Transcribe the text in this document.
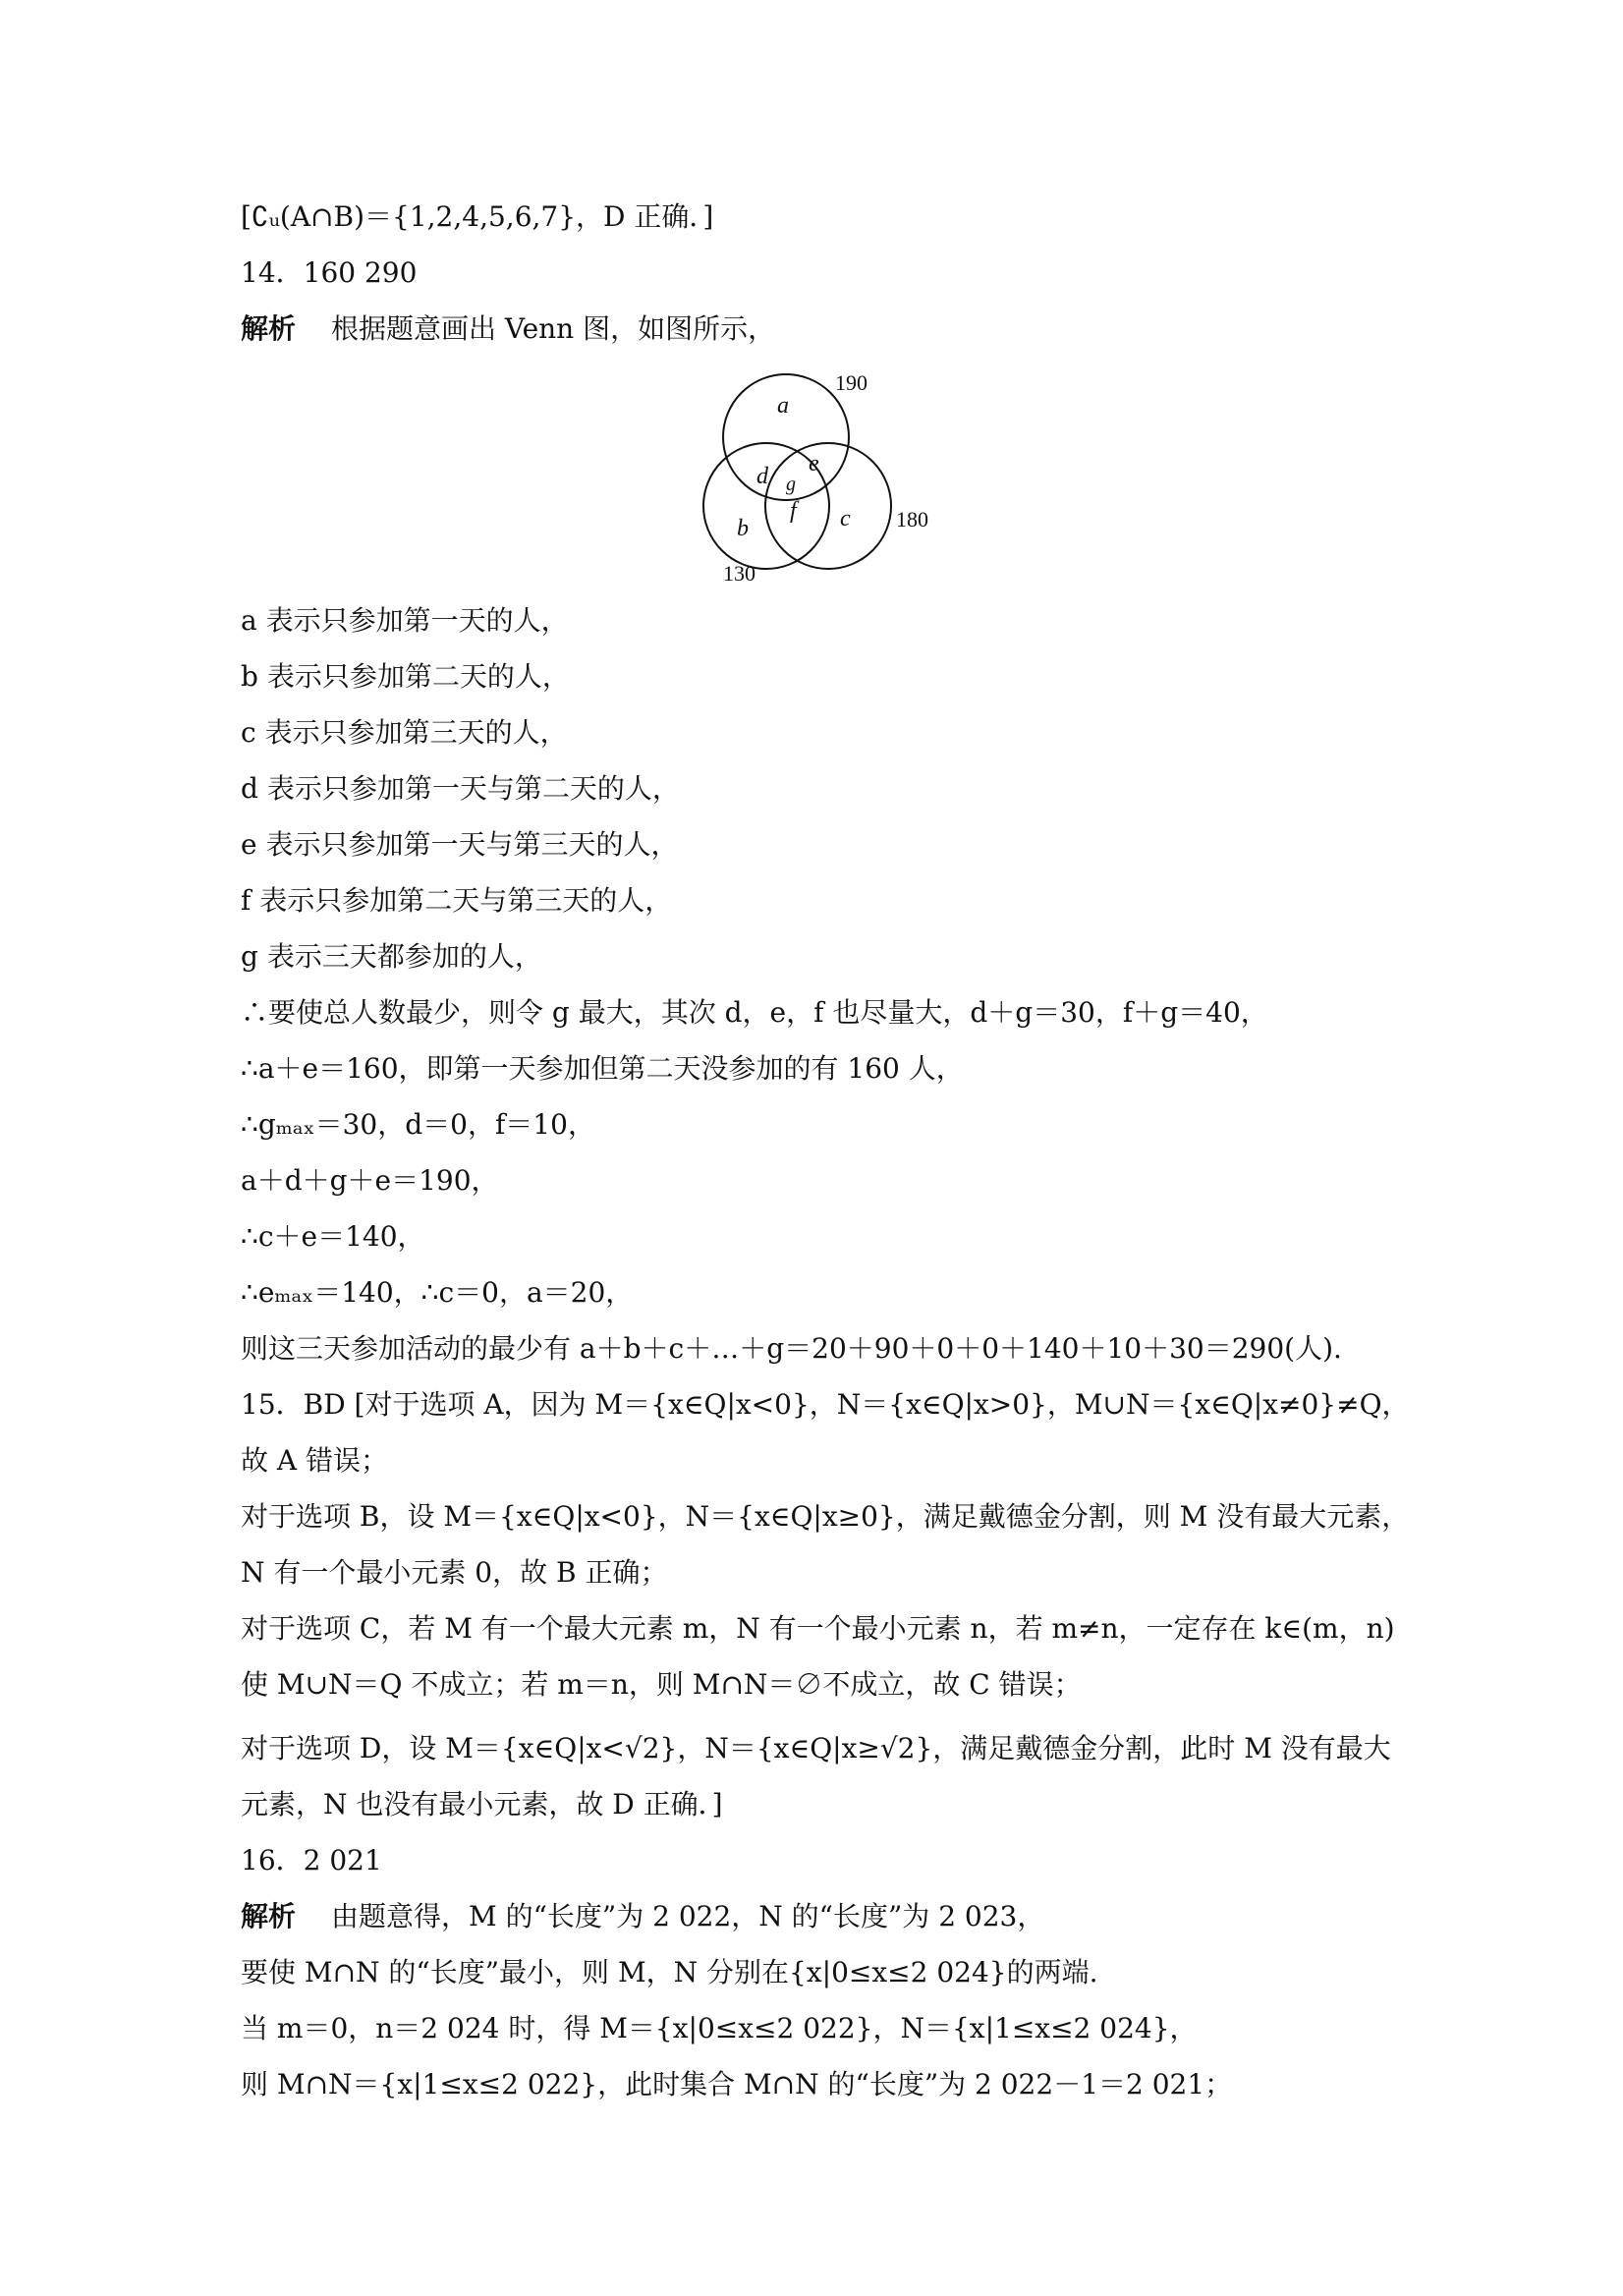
[∁ᵤ(A∩B)＝{1,2,4,5,6,7}，D 正确．]
14．160 290
解析 根据题意画出 Venn 图，如图所示，
a
b	c
d e
f
g
190
130
180
a 表示只参加第一天的人，
b 表示只参加第二天的人，
c 表示只参加第三天的人，
d 表示只参加第一天与第二天的人，
e 表示只参加第一天与第三天的人，
f 表示只参加第二天与第三天的人，
g 表示三天都参加的人，
∴要使总人数最少，则令 g 最大，其次 d，e，f 也尽量大，d＋g＝30，f＋g＝40，
∴a＋e＝160，即第一天参加但第二天没参加的有 160 人，
∴gₘₐₓ＝30，d＝0，f＝10，
a＋d＋g＋e＝190，
∴c＋e＝140，
∴eₘₐₓ＝140，∴c＝0，a＝20，
则这三天参加活动的最少有 a＋b＋c＋…＋g＝20＋90＋0＋0＋140＋10＋30＝290(人).
15．BD [对于选项 A，因为 M＝{x∈Q|x<0}，N＝{x∈Q|x>0}，M∪N＝{x∈Q|x≠0}≠Q，
故 A 错误；
对于选项 B，设 M＝{x∈Q|x<0}，N＝{x∈Q|x≥0}，满足戴德金分割，则 M 没有最大元素，
N 有一个最小元素 0，故 B 正确；
对于选项 C，若 M 有一个最大元素 m，N 有一个最小元素 n，若 m≠n，一定存在 k∈(m，n)
使 M∪N＝Q 不成立；若 m＝n，则 M∩N＝∅不成立，故 C 错误；
对于选项 D，设 M＝{x∈Q|x<√2}，N＝{x∈Q|x≥√2}，满足戴德金分割，此时 M 没有最大
元素，N 也没有最小元素，故 D 正确．]
16．2 021
解析 由题意得，M 的“长度”为 2 022，N 的“长度”为 2 023，
要使 M∩N 的“长度”最小，则 M，N 分别在{x|0≤x≤2 024}的两端.
当 m＝0，n＝2 024 时，得 M＝{x|0≤x≤2 022}，N＝{x|1≤x≤2 024}，
则 M∩N＝{x|1≤x≤2 022}，此时集合 M∩N 的“长度”为 2 022－1＝2 021；
